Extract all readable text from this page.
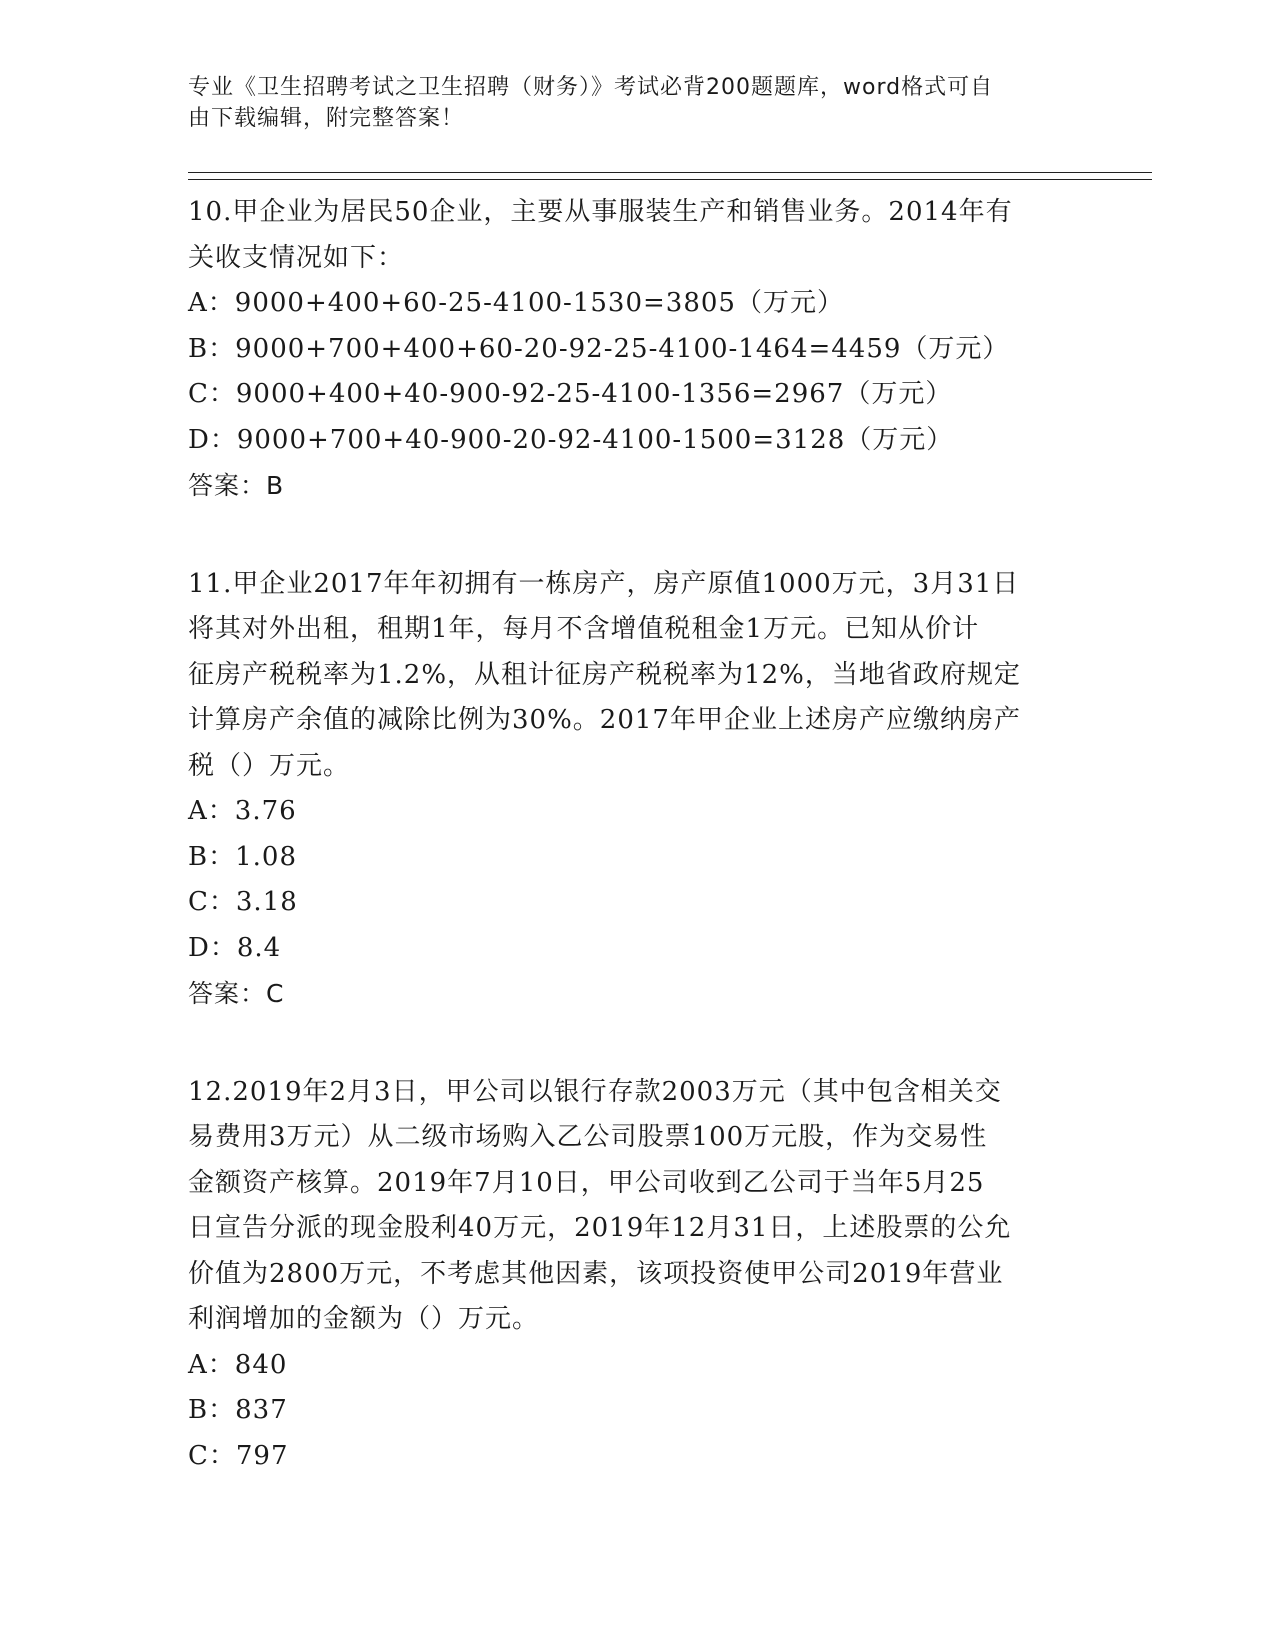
专业《卫生招聘考试之卫生招聘（财务）》考试必背200题题库，word格式可自
由下载编辑，附完整答案！

10.甲企业为居民50企业，主要从事服装生产和销售业务。2014年有

关收支情况如下：

A：9000+400+60-25-4100-1530=3805（万元）

B：9000+700+400+60-20-92-25-4100-1464=4459（万元）

C：9000+400+40-900-92-25-4100-1356=2967（万元）

D：9000+700+40-900-20-92-4100-1500=3128（万元）

答案：B

11.甲企业2017年年初拥有一栋房产，房产原值1000万元，3月31日

将其对外出租，租期1年，每月不含增值税租金1万元。已知从价计

征房产税税率为1.2%，从租计征房产税税率为12%，当地省政府规定

计算房产余值的减除比例为30%。2017年甲企业上述房产应缴纳房产

税（）万元。

A：3.76

B：1.08

C：3.18

D：8.4

答案：C

12.2019年2月3日，甲公司以银行存款2003万元（其中包含相关交

易费用3万元）从二级市场购入乙公司股票100万元股，作为交易性

金额资产核算。2019年7月10日，甲公司收到乙公司于当年5月25

日宣告分派的现金股利40万元，2019年12月31日，上述股票的公允

价值为2800万元，不考虑其他因素，该项投资使甲公司2019年营业

利润增加的金额为（）万元。

A：840

B：837

C：797
